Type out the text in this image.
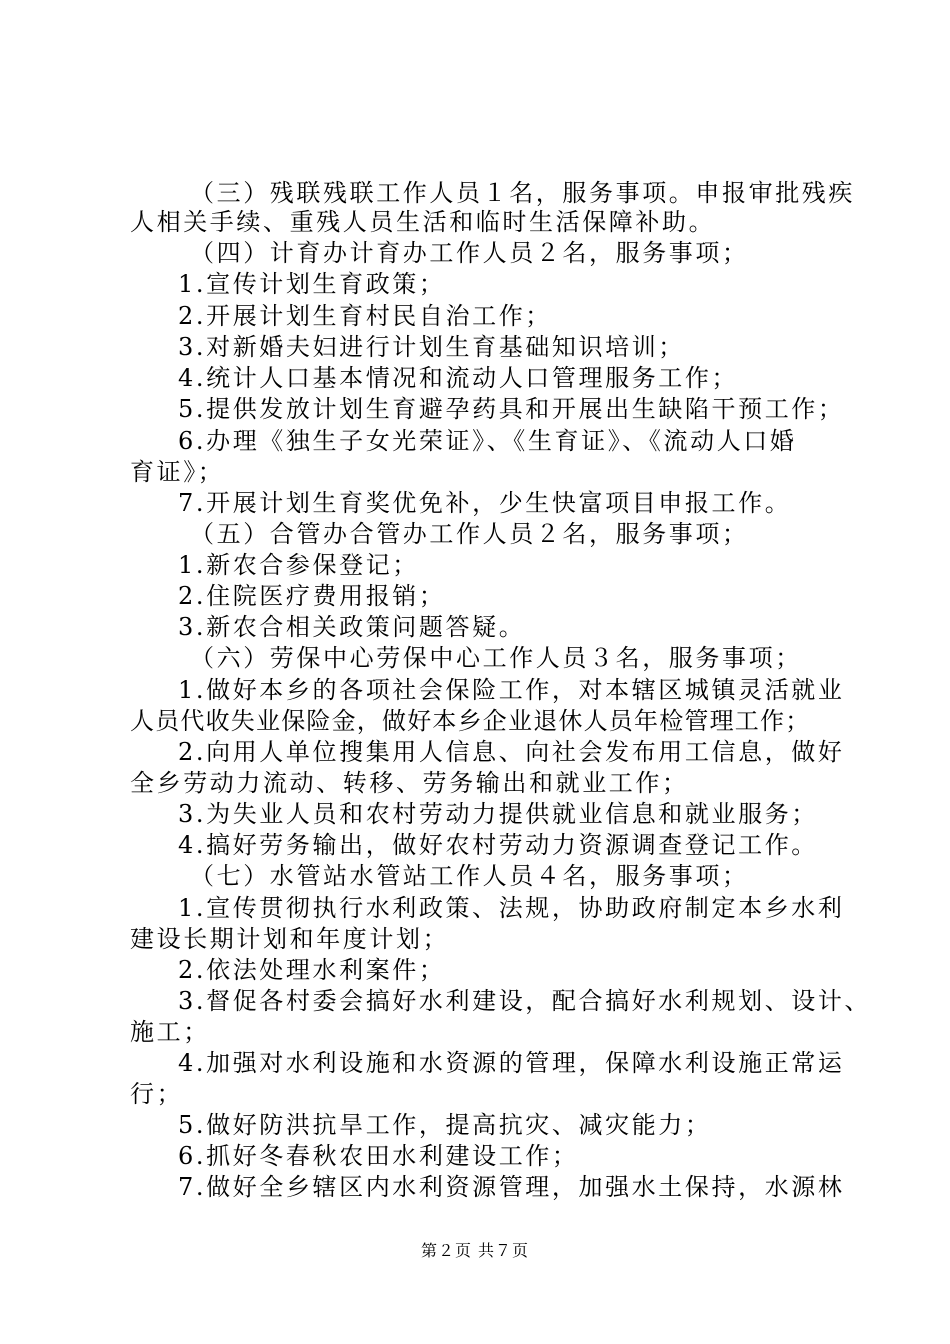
（三）残联残联工作人员１名，服务事项。申报审批残疾
人相关手续、重残人员生活和临时生活保障补助。
（四）计育办计育办工作人员２名，服务事项；
1.宣传计划生育政策；
2.开展计划生育村民自治工作；
3.对新婚夫妇进行计划生育基础知识培训；
4.统计人口基本情况和流动人口管理服务工作；
5.提供发放计划生育避孕药具和开展出生缺陷干预工作；
6.办理《独生子女光荣证》、《生育证》、《流动人口婚
育证》；
7.开展计划生育奖优免补，少生快富项目申报工作。
（五）合管办合管办工作人员２名，服务事项；
1.新农合参保登记；
2.住院医疗费用报销；
3.新农合相关政策问题答疑。
（六）劳保中心劳保中心工作人员３名，服务事项；
1.做好本乡的各项社会保险工作，对本辖区城镇灵活就业
人员代收失业保险金，做好本乡企业退休人员年检管理工作；
2.向用人单位搜集用人信息、向社会发布用工信息，做好
全乡劳动力流动、转移、劳务输出和就业工作；
3.为失业人员和农村劳动力提供就业信息和就业服务；
4.搞好劳务输出，做好农村劳动力资源调查登记工作。
（七）水管站水管站工作人员４名，服务事项；
1.宣传贯彻执行水利政策、法规，协助政府制定本乡水利
建设长期计划和年度计划；
2.依法处理水利案件；
3.督促各村委会搞好水利建设，配合搞好水利规划、设计、
施工；
4.加强对水利设施和水资源的管理，保障水利设施正常运
行；
5.做好防洪抗旱工作，提高抗灾、减灾能力；
6.抓好冬春秋农田水利建设工作；
7.做好全乡辖区内水利资源管理，加强水土保持，水源林
第２页 共７页
